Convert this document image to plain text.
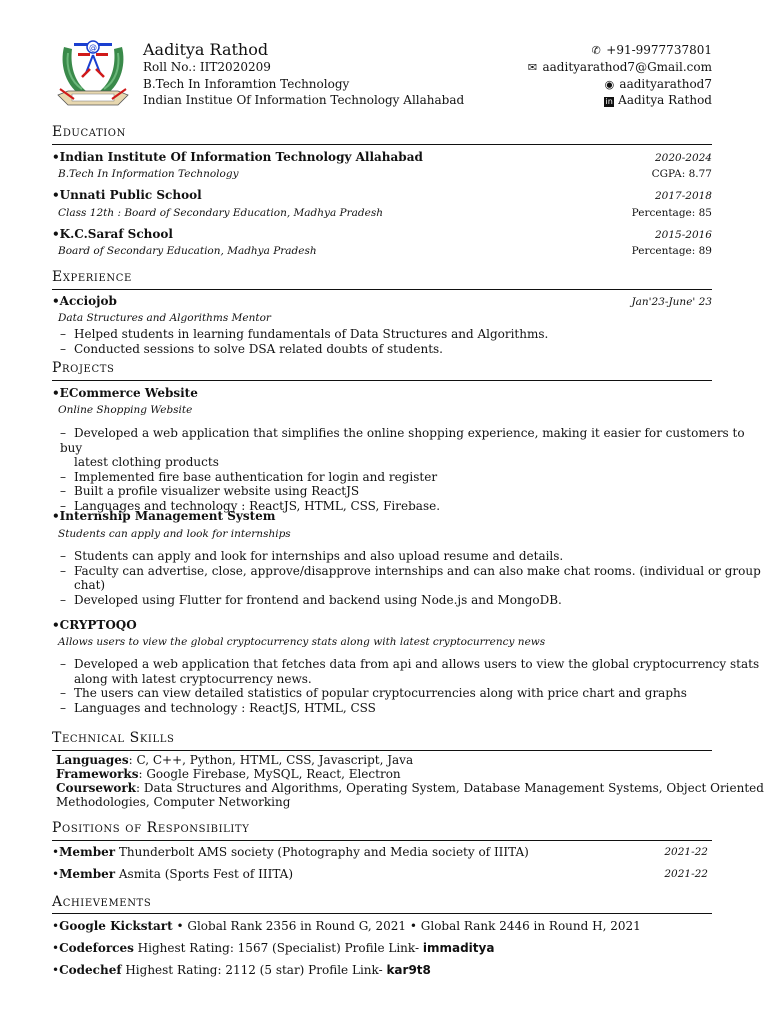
@	Aaditya Rathod
Roll No.: IIT2020209
B.Tech In Inforamtion Technology
Indian Institue Of Information Technology Allahabad
✆ +91-9977737801
✉ aadityarathod7@Gmail.com
◉ aadityarathod7
in Aaditya Rathod
Education
•Indian Institute Of Information Technology Allahabad	2020-2024
B.Tech In Information Technology	CGPA: 8.77
•Unnati Public School	2017-2018
Class 12th : Board of Secondary Education, Madhya Pradesh	Percentage: 85
•K.C.Saraf School	2015-2016
Board of Secondary Education, Madhya Pradesh	Percentage: 89
Experience
•Acciojob	Jan'23-June' 23
Data Structures and Algorithms Mentor
– Helped students in learning fundamentals of Data Structures and Algorithms.
– Conducted sessions to solve DSA related doubts of students.
Projects
•ECommerce Website
Online Shopping Website
– Developed a web application that simplifies the online shopping experience, making it easier for customers to buy
latest clothing products
– Implemented fire base authentication for login and register
– Built a profile visualizer website using ReactJS
– Languages and technology : ReactJS, HTML, CSS, Firebase.
•Internship Management System
Students can apply and look for internships
– Students can apply and look for internships and also upload resume and details.
– Faculty can advertise, close, approve/disapprove internships and can also make chat rooms. (individual or group
chat)
– Developed using Flutter for frontend and backend using Node.js and MongoDB.
•CRYPTOQO
Allows users to view the global cryptocurrency stats along with latest cryptocurrency news
– Developed a web application that fetches data from api and allows users to view the global cryptocurrency stats
along with latest cryptocurrency news.
– The users can view detailed statistics of popular cryptocurrencies along with price chart and graphs
– Languages and technology : ReactJS, HTML, CSS
Technical Skills
Languages: C, C++, Python, HTML, CSS, Javascript, Java
Frameworks: Google Firebase, MySQL, React, Electron
Coursework: Data Structures and Algorithms, Operating System, Database Management Systems, Object Oriented
Methodologies, Computer Networking
Positions of Responsibility
•Member Thunderbolt AMS society (Photography and Media society of IIITA)	2021-22
•Member Asmita (Sports Fest of IIITA)	2021-22
Achievements
•Google Kickstart • Global Rank 2356 in Round G, 2021 • Global Rank 2446 in Round H, 2021
•Codeforces Highest Rating: 1567 (Specialist) Profile Link- immaditya
•Codechef Highest Rating: 2112 (5 star) Profile Link- kar9t8
